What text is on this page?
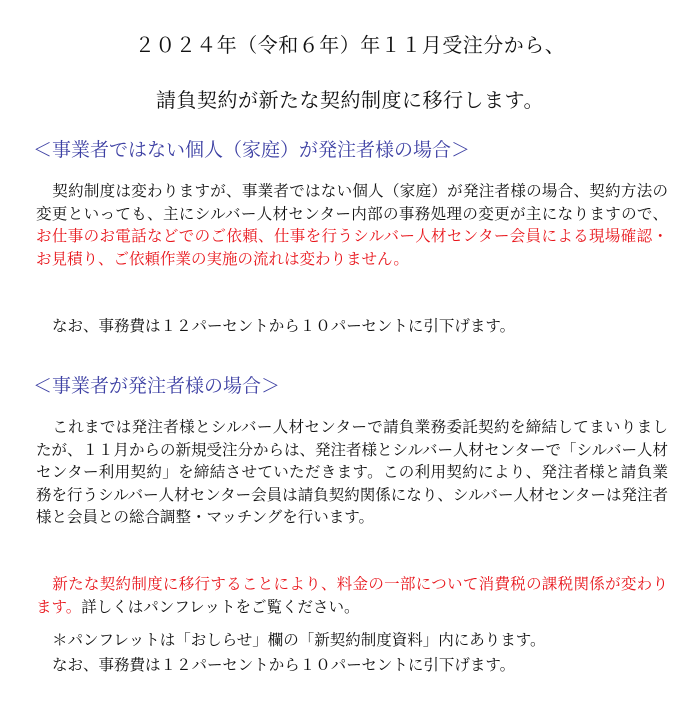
２０２４年（令和６年）年１１月受注分から、
請負契約が新たな契約制度に移行します。
＜事業者ではない個人（家庭）が発注者様の場合＞
契約制度は変わりますが、事業者ではない個人（家庭）が発注者様の場合、契約方法の変更といっても、主にシルバー人材センター内部の事務処理の変更が主になりますので、お仕事のお電話などでのご依頼、仕事を行うシルバー人材センター会員による現場確認・お見積り、ご依頼作業の実施の流れは変わりません。
なお、事務費は１２パーセントから１０パーセントに引下げます。
＜事業者が発注者様の場合＞
これまでは発注者様とシルバー人材センターで請負業務委託契約を締結してまいりましたが、１１月からの新規受注分からは、発注者様とシルバー人材センターで「シルバー人材センター利用契約」を締結させていただきます。この利用契約により、発注者様と請負業務を行うシルバー人材センター会員は請負契約関係になり、シルバー人材センターは発注者様と会員との総合調整・マッチングを行います。
新たな契約制度に移行することにより、料金の一部について消費税の課税関係が変わります。詳しくはパンフレットをご覧ください。
＊パンフレットは「おしらせ」欄の「新契約制度資料」内にあります。
なお、事務費は１２パーセントから１０パーセントに引下げます。
